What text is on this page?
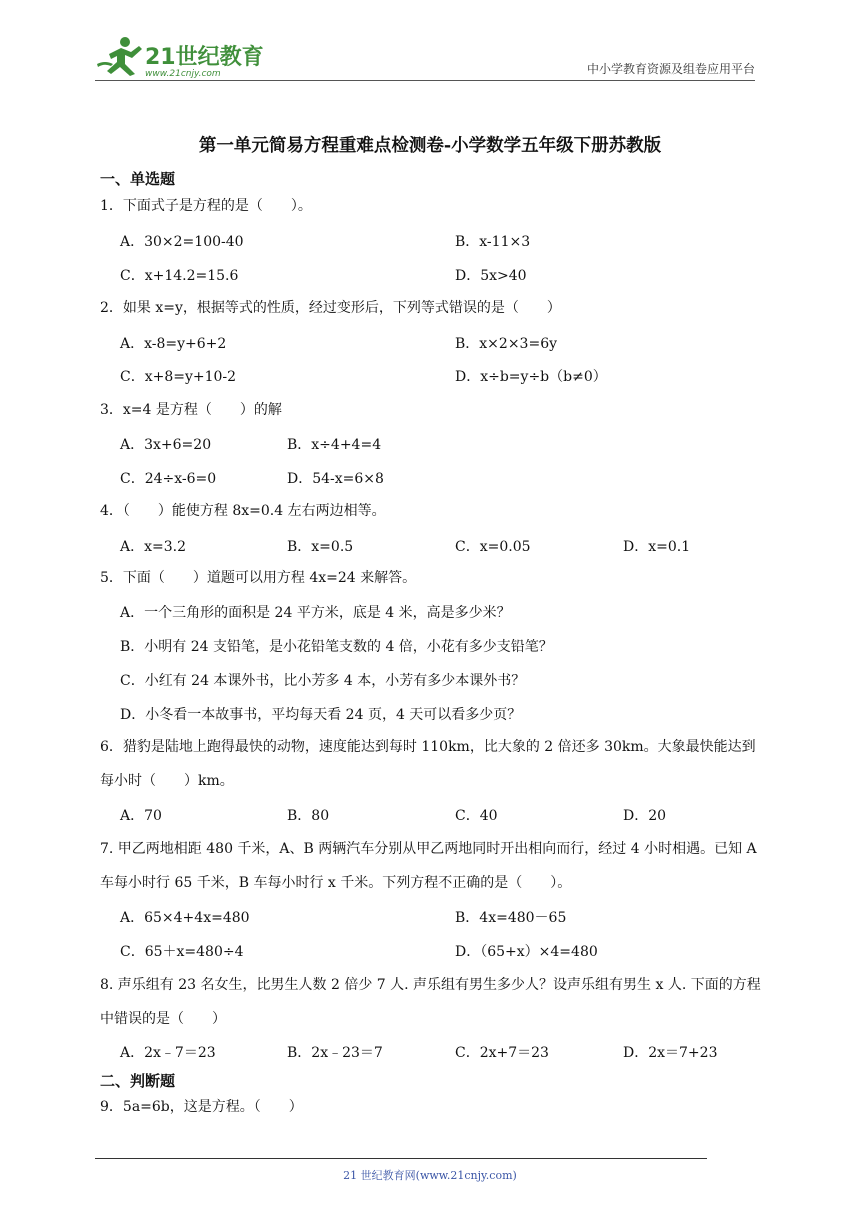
21世纪教育
www.21cnjy.com	中小学教育资源及组卷应用平台
第一单元简易方程重难点检测卷-小学数学五年级下册苏教版
一、单选题
1．下面式子是方程的是（　　）。
A．30×2=100-40	B．x-11×3
C．x+14.2=15.6	D．5x>40
2．如果 x=y，根据等式的性质，经过变形后，下列等式错误的是（　　）
A．x-8=y+6+2	B．x×2×3=6y
C．x+8=y+10-2	D．x÷b=y÷b（b≠0）
3．x=4 是方程（　　）的解
A．3x+6=20	B．x÷4+4=4
C．24÷x-6=0	D．54-x=6×8
4．（　　）能使方程 8x=0.4 左右两边相等。
A．x=3.2	B．x=0.5	C．x=0.05	D．x=0.1
5．下面（　　）道题可以用方程 4x=24 来解答。
A．一个三角形的面积是 24 平方米，底是 4 米，高是多少米？
B．小明有 24 支铅笔，是小花铅笔支数的 4 倍，小花有多少支铅笔？
C．小红有 24 本课外书，比小芳多 4 本，小芳有多少本课外书？
D．小冬看一本故事书，平均每天看 24 页，4 天可以看多少页？
6．猎豹是陆地上跑得最快的动物，速度能达到每时 110km，比大象的 2 倍还多 30km。大象最快能达到每小时（　　）km。
A．70	B．80	C．40	D．20
7. 甲乙两地相距 480 千米，A、B 两辆汽车分别从甲乙两地同时开出相向而行，经过 4 小时相遇。已知 A 车每小时行 65 千米，B 车每小时行 x 千米。下列方程不正确的是（　　）。
A．65×4+4x=480	B．4x=480－65
C．65＋x=480÷4	D．（65+x）×4=480
8. 声乐组有 23 名女生，比男生人数 2 倍少 7 人. 声乐组有男生多少人？设声乐组有男生 x 人. 下面的方程中错误的是（　　）
A．2x﹣7＝23	B．2x﹣23＝7	C．2x+7＝23	D．2x＝7+23
二、判断题
9．5a=6b，这是方程。（　　）
21 世纪教育网(www.21cnjy.com)
